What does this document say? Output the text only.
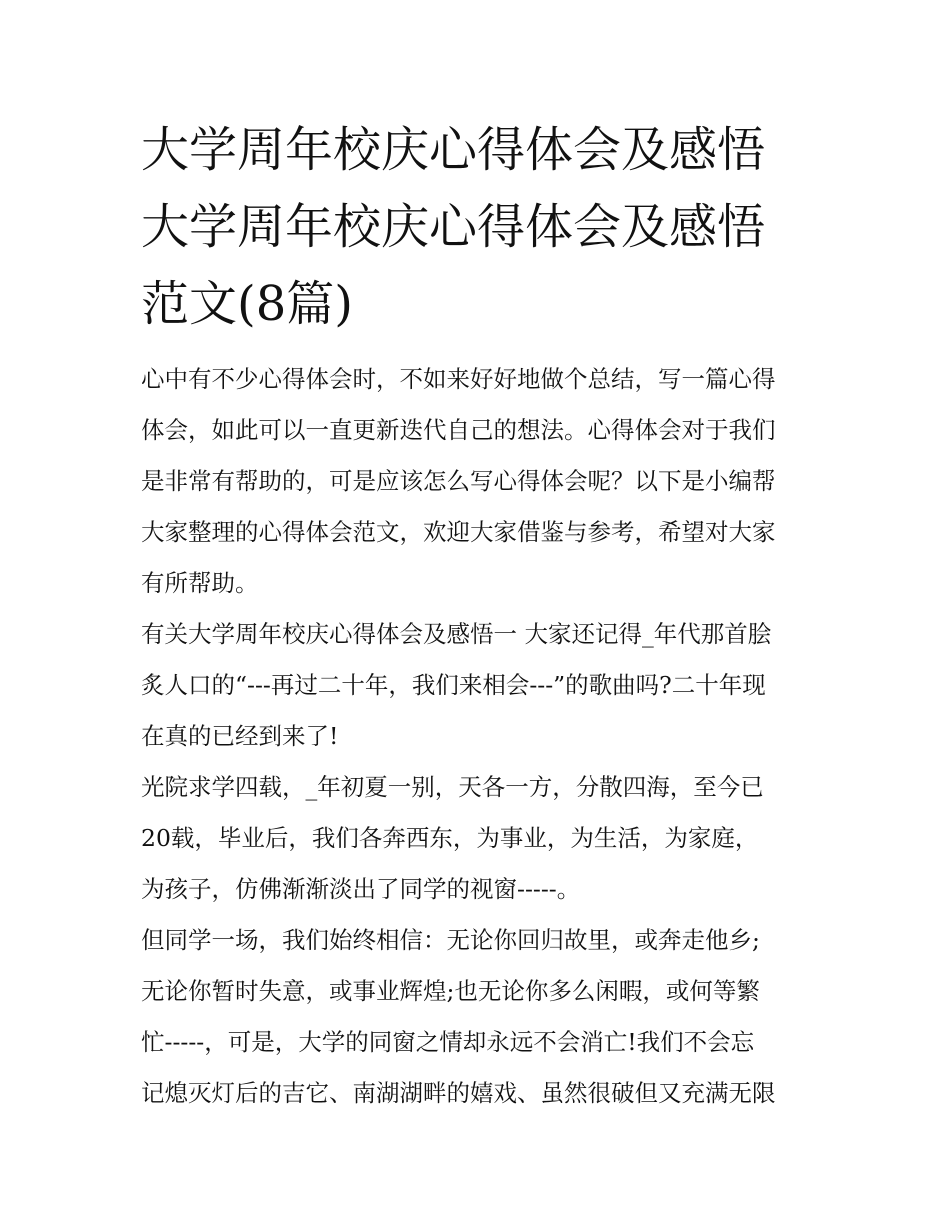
大学周年校庆心得体会及感悟
大学周年校庆心得体会及感悟
范文(8篇)
心中有不少心得体会时，不如来好好地做个总结，写一篇心得
体会，如此可以一直更新迭代自己的想法。心得体会对于我们
是非常有帮助的，可是应该怎么写心得体会呢？以下是小编帮
大家整理的心得体会范文，欢迎大家借鉴与参考，希望对大家
有所帮助。
有关大学周年校庆心得体会及感悟一 大家还记得_年代那首脍
炙人口的“---再过二十年，我们来相会---”的歌曲吗?二十年现
在真的已经到来了!
光院求学四载，_年初夏一别，天各一方，分散四海，至今已
20载，毕业后，我们各奔西东，为事业，为生活，为家庭，
为孩子，仿佛渐渐淡出了同学的视窗-----。
但同学一场，我们始终相信：无论你回归故里，或奔走他乡;
无论你暂时失意，或事业辉煌;也无论你多么闲暇，或何等繁
忙-----，可是，大学的同窗之情却永远不会消亡!我们不会忘
记熄灭灯后的吉它、南湖湖畔的嬉戏、虽然很破但又充满无限
